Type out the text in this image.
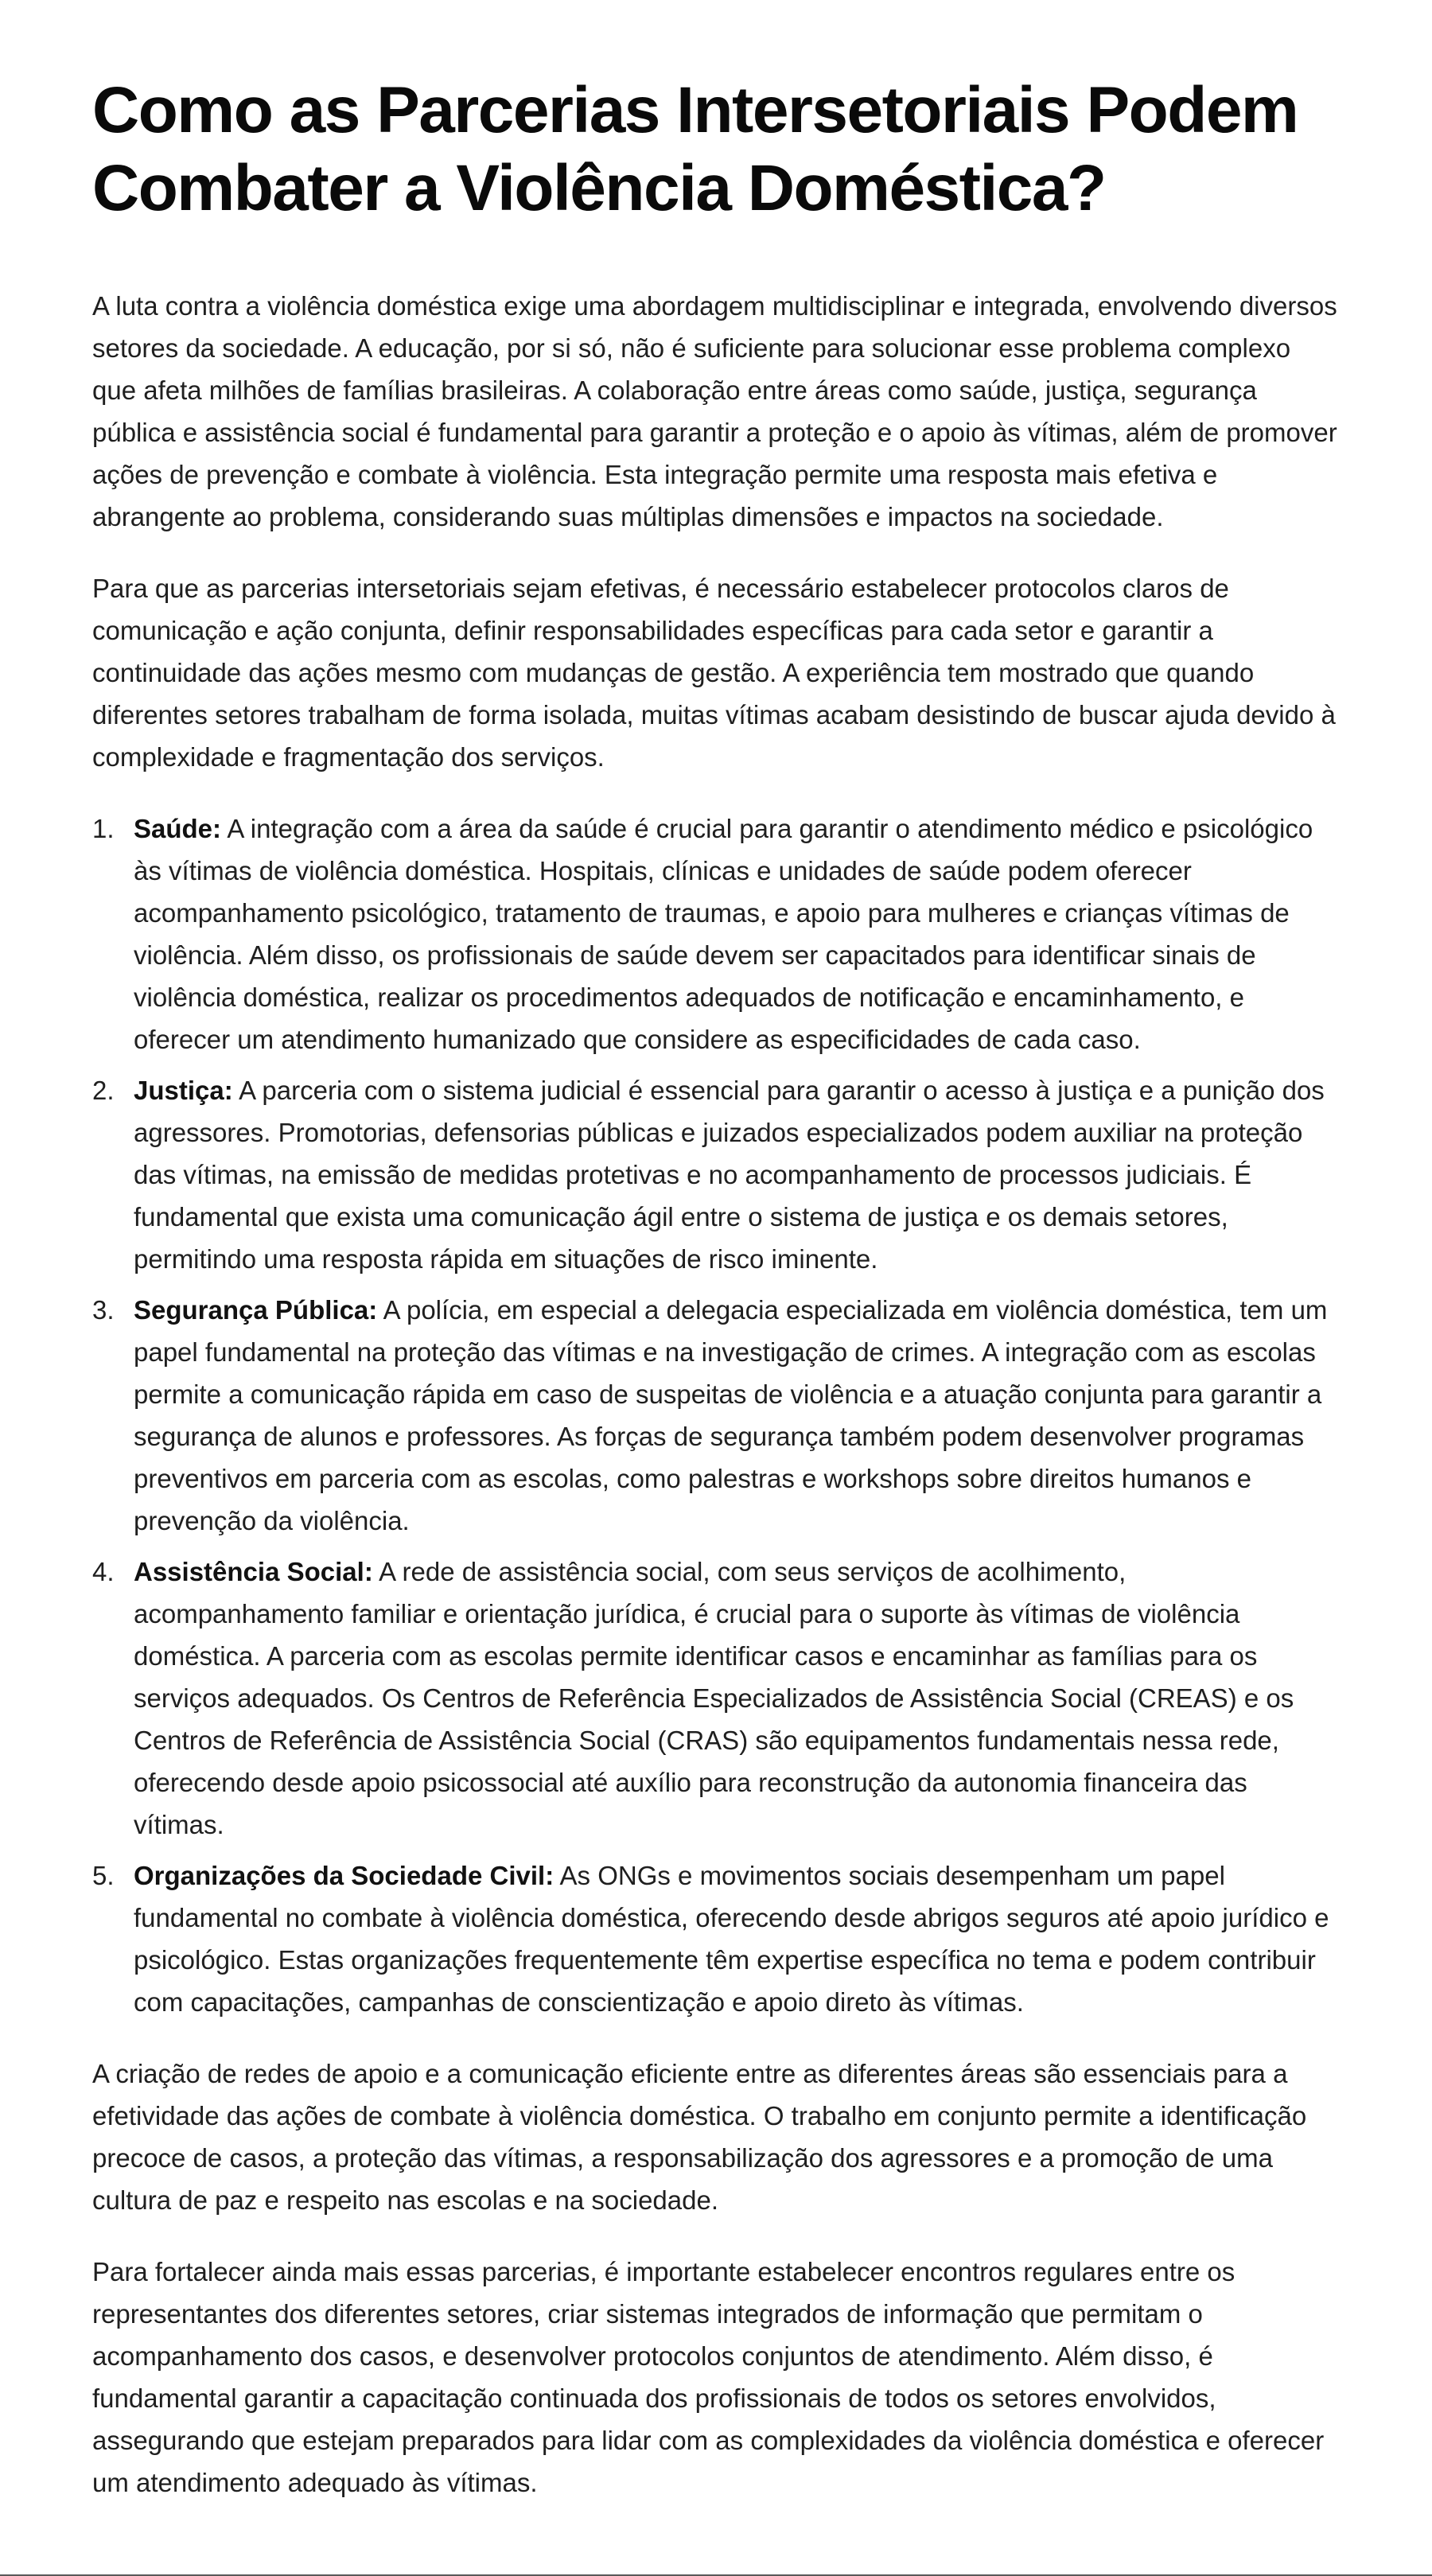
Como as Parcerias Intersetoriais Podem Combater a Violência Doméstica?

A luta contra a violência doméstica exige uma abordagem multidisciplinar e integrada, envolvendo diversos setores da sociedade. A educação, por si só, não é suficiente para solucionar esse problema complexo que afeta milhões de famílias brasileiras. A colaboração entre áreas como saúde, justiça, segurança pública e assistência social é fundamental para garantir a proteção e o apoio às vítimas, além de promover ações de prevenção e combate à violência. Esta integração permite uma resposta mais efetiva e abrangente ao problema, considerando suas múltiplas dimensões e impactos na sociedade.

Para que as parcerias intersetoriais sejam efetivas, é necessário estabelecer protocolos claros de comunicação e ação conjunta, definir responsabilidades específicas para cada setor e garantir a continuidade das ações mesmo com mudanças de gestão. A experiência tem mostrado que quando diferentes setores trabalham de forma isolada, muitas vítimas acabam desistindo de buscar ajuda devido à complexidade e fragmentação dos serviços.

1. Saúde: A integração com a área da saúde é crucial para garantir o atendimento médico e psicológico às vítimas de violência doméstica. Hospitais, clínicas e unidades de saúde podem oferecer acompanhamento psicológico, tratamento de traumas, e apoio para mulheres e crianças vítimas de violência. Além disso, os profissionais de saúde devem ser capacitados para identificar sinais de violência doméstica, realizar os procedimentos adequados de notificação e encaminhamento, e oferecer um atendimento humanizado que considere as especificidades de cada caso.
2. Justiça: A parceria com o sistema judicial é essencial para garantir o acesso à justiça e a punição dos agressores. Promotorias, defensorias públicas e juizados especializados podem auxiliar na proteção das vítimas, na emissão de medidas protetivas e no acompanhamento de processos judiciais. É fundamental que exista uma comunicação ágil entre o sistema de justiça e os demais setores, permitindo uma resposta rápida em situações de risco iminente.
3. Segurança Pública: A polícia, em especial a delegacia especializada em violência doméstica, tem um papel fundamental na proteção das vítimas e na investigação de crimes. A integração com as escolas permite a comunicação rápida em caso de suspeitas de violência e a atuação conjunta para garantir a segurança de alunos e professores. As forças de segurança também podem desenvolver programas preventivos em parceria com as escolas, como palestras e workshops sobre direitos humanos e prevenção da violência.
4. Assistência Social: A rede de assistência social, com seus serviços de acolhimento, acompanhamento familiar e orientação jurídica, é crucial para o suporte às vítimas de violência doméstica. A parceria com as escolas permite identificar casos e encaminhar as famílias para os serviços adequados. Os Centros de Referência Especializados de Assistência Social (CREAS) e os Centros de Referência de Assistência Social (CRAS) são equipamentos fundamentais nessa rede, oferecendo desde apoio psicossocial até auxílio para reconstrução da autonomia financeira das vítimas.
5. Organizações da Sociedade Civil: As ONGs e movimentos sociais desempenham um papel fundamental no combate à violência doméstica, oferecendo desde abrigos seguros até apoio jurídico e psicológico. Estas organizações frequentemente têm expertise específica no tema e podem contribuir com capacitações, campanhas de conscientização e apoio direto às vítimas.

A criação de redes de apoio e a comunicação eficiente entre as diferentes áreas são essenciais para a efetividade das ações de combate à violência doméstica. O trabalho em conjunto permite a identificação precoce de casos, a proteção das vítimas, a responsabilização dos agressores e a promoção de uma cultura de paz e respeito nas escolas e na sociedade.

Para fortalecer ainda mais essas parcerias, é importante estabelecer encontros regulares entre os representantes dos diferentes setores, criar sistemas integrados de informação que permitam o acompanhamento dos casos, e desenvolver protocolos conjuntos de atendimento. Além disso, é fundamental garantir a capacitação continuada dos profissionais de todos os setores envolvidos, assegurando que estejam preparados para lidar com as complexidades da violência doméstica e oferecer um atendimento adequado às vítimas.
